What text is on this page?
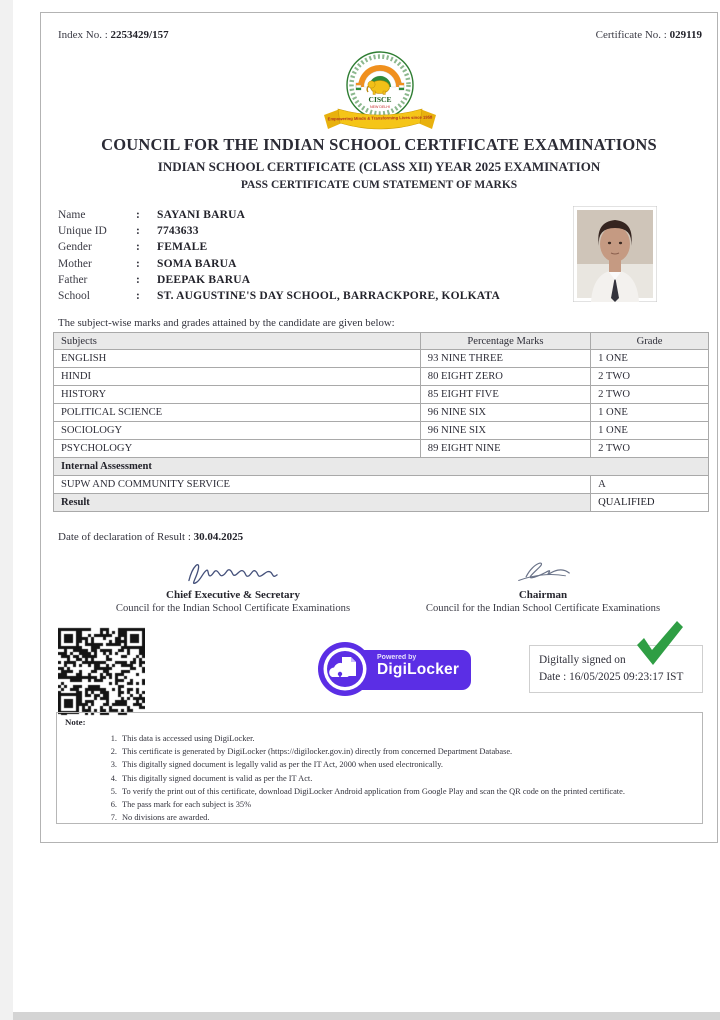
Index No. : 2253429/157	Certificate No. : 029119
CISCE
NEW DELHI
Empowering Minds & Transforming Lives since 1958
COUNCIL FOR THE INDIAN SCHOOL CERTIFICATE EXAMINATIONS
INDIAN SCHOOL CERTIFICATE (CLASS XII) YEAR 2025 EXAMINATION
PASS CERTIFICATE CUM STATEMENT OF MARKS
Name	: SAYANI BARUA
Unique ID	: 7743633
Gender	: FEMALE
Mother	: SOMA BARUA
Father	: DEEPAK BARUA
School	: ST. AUGUSTINE'S DAY SCHOOL, BARRACKPORE, KOLKATA
The subject-wise marks and grades attained by the candidate are given below:
Subjects	Percentage Marks	Grade
ENGLISH	93 NINE THREE	1 ONE
HINDI	80 EIGHT ZERO	2 TWO
HISTORY	85 EIGHT FIVE	2 TWO
POLITICAL SCIENCE	96 NINE SIX	1 ONE
SOCIOLOGY	96 NINE SIX	1 ONE
PSYCHOLOGY	89 EIGHT NINE	2 TWO
Internal Assessment		
SUPW AND COMMUNITY SERVICE		A
Result		QUALIFIED
Date of declaration of Result : 30.04.2025
Chief Executive & Secretary
Council for the Indian School Certificate Examinations
Chairman
Council for the Indian School Certificate Examinations
Powered by
DigiLocker
Digitally signed on
Date : 16/05/2025 09:23:17 IST
Note:
1. This data is accessed using DigiLocker.
2. This certificate is generated by DigiLocker (https://digilocker.gov.in) directly from concerned Department Database.
3. This digitally signed document is legally valid as per the IT Act, 2000 when used electronically.
4. This digitally signed document is valid as per the IT Act.
5. To verify the print out of this certificate, download DigiLocker Android application from Google Play and scan the QR code on the printed certificate.
6. The pass mark for each subject is 35%
7. No divisions are awarded.
